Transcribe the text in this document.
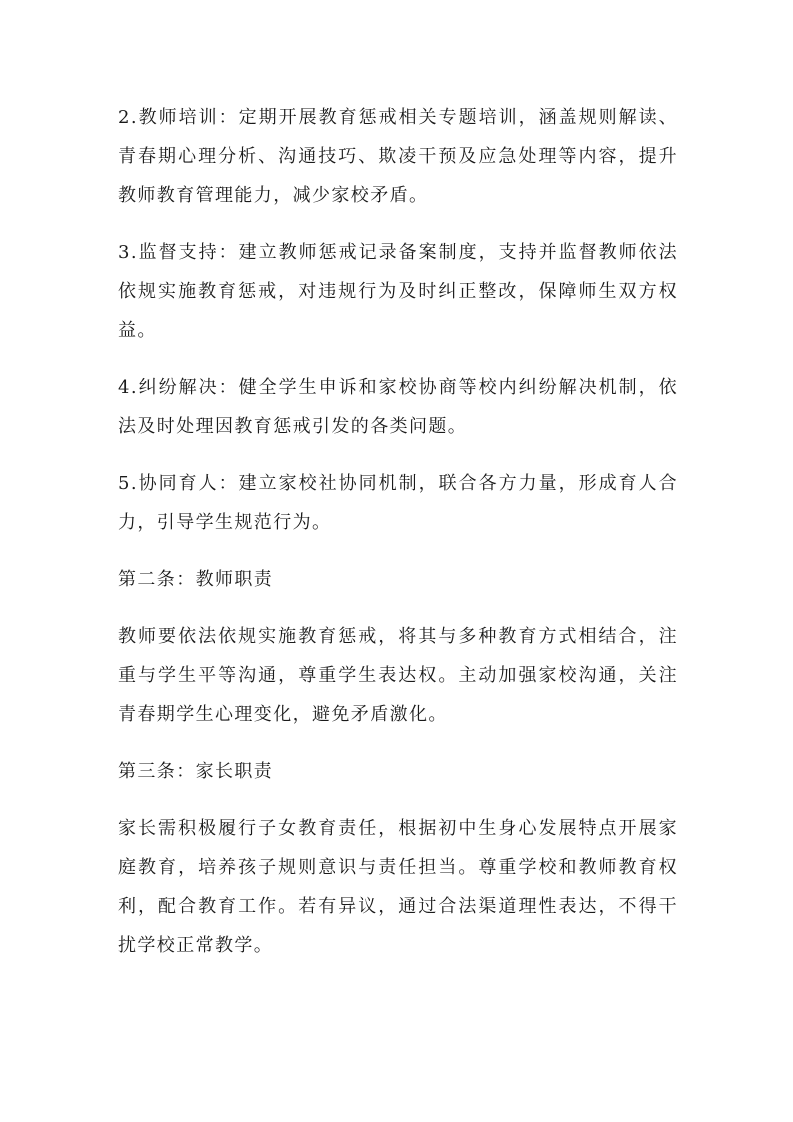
2.教师培训：定期开展教育惩戒相关专题培训，涵盖规则解读、青春期心理分析、沟通技巧、欺凌干预及应急处理等内容，提升教师教育管理能力，减少家校矛盾。

3.监督支持：建立教师惩戒记录备案制度，支持并监督教师依法依规实施教育惩戒，对违规行为及时纠正整改，保障师生双方权益。

4.纠纷解决：健全学生申诉和家校协商等校内纠纷解决机制，依法及时处理因教育惩戒引发的各类问题。

5.协同育人：建立家校社协同机制，联合各方力量，形成育人合力，引导学生规范行为。

第二条：教师职责

教师要依法依规实施教育惩戒，将其与多种教育方式相结合，注重与学生平等沟通，尊重学生表达权。主动加强家校沟通，关注青春期学生心理变化，避免矛盾激化。

第三条：家长职责

家长需积极履行子女教育责任，根据初中生身心发展特点开展家庭教育，培养孩子规则意识与责任担当。尊重学校和教师教育权利，配合教育工作。若有异议，通过合法渠道理性表达，不得干扰学校正常教学。
